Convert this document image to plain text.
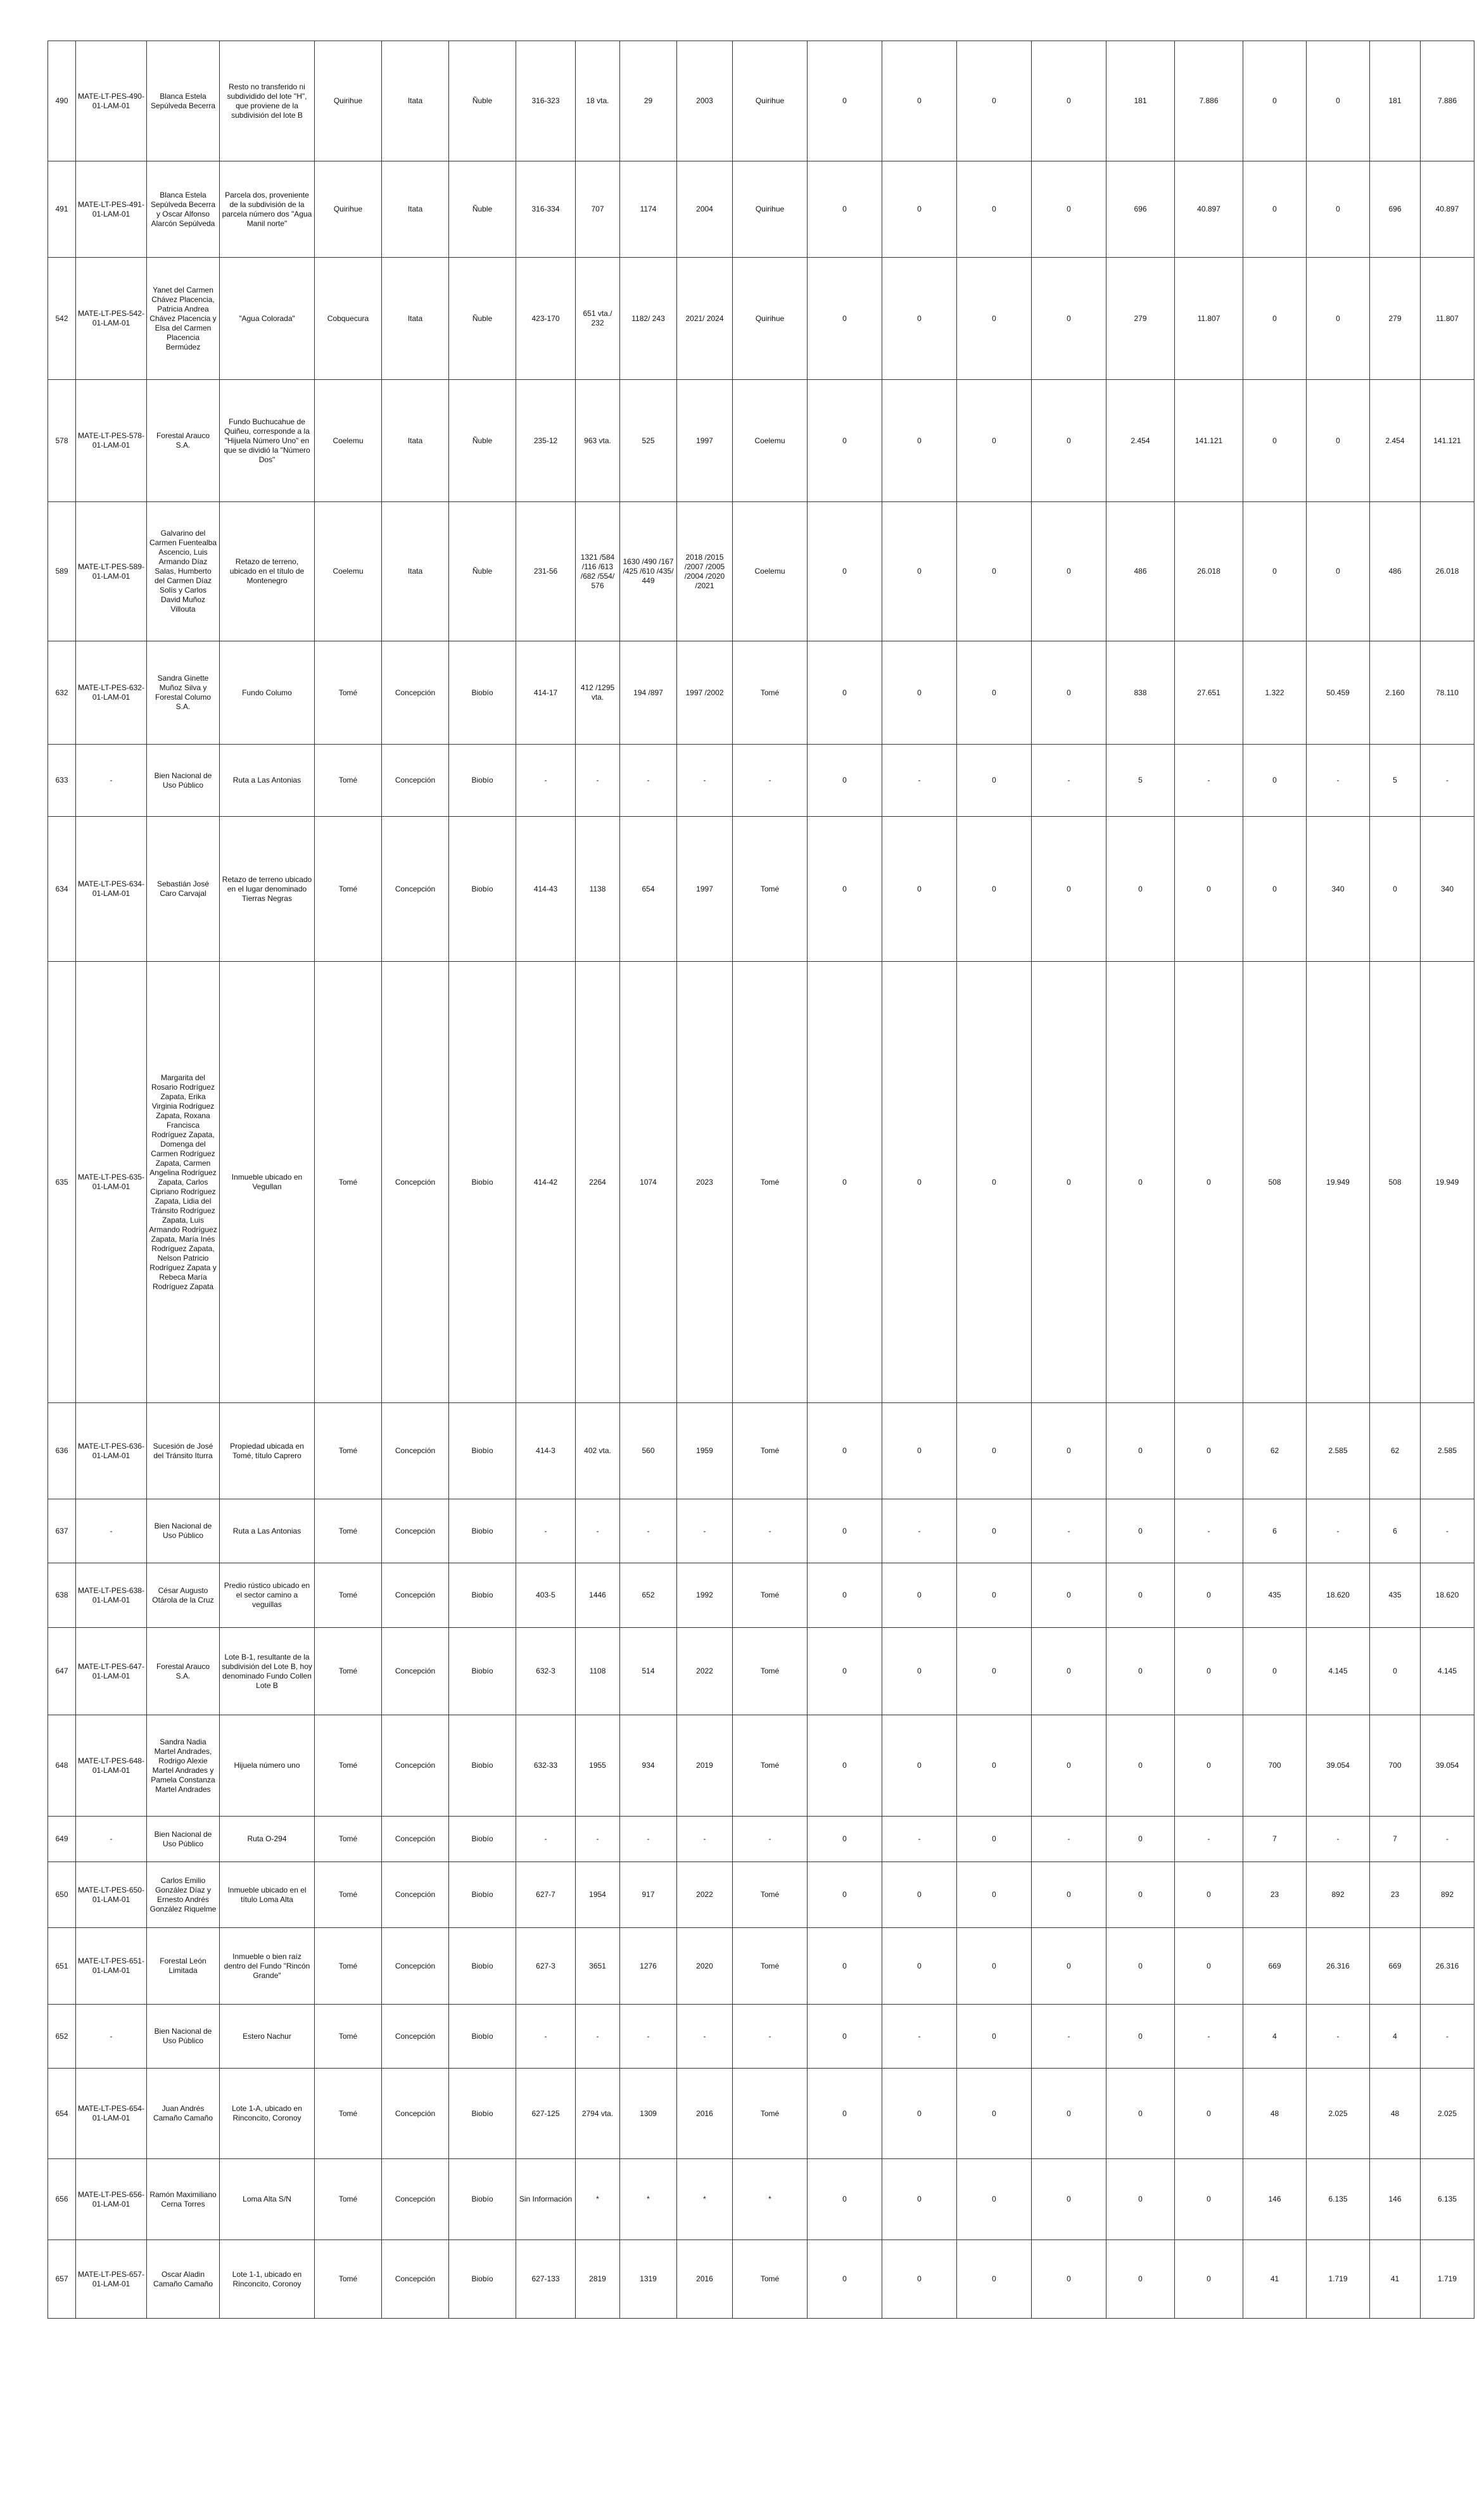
490	MATE-LT-PES-490-01-LAM-01	Blanca Estela Sepúlveda Becerra	Resto no transferido ni subdividido del lote "H", que proviene de la subdivisión del lote B	Quirihue	Itata	Ñuble	316-323	18 vta.	29	2003	Quirihue	0	0	0	0	181	7.886	0	0	181	7.886
491	MATE-LT-PES-491-01-LAM-01	Blanca Estela Sepúlveda Becerra y Oscar Alfonso Alarcón Sepúlveda	Parcela dos, proveniente de la subdivisión de la parcela número dos "Agua Manil norte"	Quirihue	Itata	Ñuble	316-334	707	1174	2004	Quirihue	0	0	0	0	696	40.897	0	0	696	40.897
542	MATE-LT-PES-542-01-LAM-01	Yanet del Carmen Chávez Placencia, Patricia Andrea Chávez Placencia y Elsa del Carmen Placencia Bermúdez	"Agua Colorada"	Cobquecura	Itata	Ñuble	423-170	651 vta./ 232	1182/ 243	2021/ 2024	Quirihue	0	0	0	0	279	11.807	0	0	279	11.807
578	MATE-LT-PES-578-01-LAM-01	Forestal Arauco S.A.	Fundo Buchucahue de Quiñeu, corresponde a la "Hijuela Número Uno" en que se dividió la "Número Dos"	Coelemu	Itata	Ñuble	235-12	963 vta.	525	1997	Coelemu	0	0	0	0	2.454	141.121	0	0	2.454	141.121
589	MATE-LT-PES-589-01-LAM-01	Galvarino del Carmen Fuentealba Ascencio, Luis Armando Díaz Salas, Humberto del Carmen Díaz Solís y Carlos David Muñoz Villouta	Retazo de terreno, ubicado en el título de Montenegro	Coelemu	Itata	Ñuble	231-56	1321 /584 /116 /613 /682 /554/ 576	1630 /490 /167 /425 /610 /435/ 449	2018 /2015 /2007 /2005 /2004 /2020 /2021	Coelemu	0	0	0	0	486	26.018	0	0	486	26.018
632	MATE-LT-PES-632-01-LAM-01	Sandra Ginette Muñoz Silva y Forestal Columo S.A.	Fundo Columo	Tomé	Concepción	Biobío	414-17	412 /1295 vta.	194 /897	1997 /2002	Tomé	0	0	0	0	838	27.651	1.322	50.459	2.160	78.110
633	-	Bien Nacional de Uso Público	Ruta a Las Antonias	Tomé	Concepción	Biobío	-	-	-	-	-	0	-	0	-	5	-	0	-	5	-
634	MATE-LT-PES-634-01-LAM-01	Sebastián José Caro Carvajal	Retazo de terreno ubicado en el lugar denominado Tierras Negras	Tomé	Concepción	Biobío	414-43	1138	654	1997	Tomé	0	0	0	0	0	0	0	340	0	340
635	MATE-LT-PES-635-01-LAM-01	Margarita del Rosario Rodríguez Zapata, Erika Virginia Rodríguez Zapata, Roxana Francisca Rodríguez Zapata, Domenga del Carmen Rodríguez Zapata, Carmen Angelina Rodríguez Zapata, Carlos Cipriano Rodríguez Zapata, Lidia del Tránsito Rodríguez Zapata, Luis Armando Rodríguez Zapata, María Inés Rodríguez Zapata, Nelson Patricio Rodríguez Zapata y Rebeca María Rodríguez Zapata	Inmueble ubicado en Vegullan	Tomé	Concepción	Biobío	414-42	2264	1074	2023	Tomé	0	0	0	0	0	0	508	19.949	508	19.949
636	MATE-LT-PES-636-01-LAM-01	Sucesión de José del Tránsito Iturra	Propiedad ubicada en Tomé, título Caprero	Tomé	Concepción	Biobío	414-3	402 vta.	560	1959	Tomé	0	0	0	0	0	0	62	2.585	62	2.585
637	-	Bien Nacional de Uso Público	Ruta a Las Antonias	Tomé	Concepción	Biobío	-	-	-	-	-	0	-	0	-	0	-	6	-	6	-
638	MATE-LT-PES-638-01-LAM-01	César Augusto Otárola de la Cruz	Predio rústico ubicado en el sector camino a veguillas	Tomé	Concepción	Biobío	403-5	1446	652	1992	Tomé	0	0	0	0	0	0	435	18.620	435	18.620
647	MATE-LT-PES-647-01-LAM-01	Forestal Arauco S.A.	Lote B-1, resultante de la subdivisión del Lote B, hoy denominado Fundo Collen Lote B	Tomé	Concepción	Biobío	632-3	1108	514	2022	Tomé	0	0	0	0	0	0	0	4.145	0	4.145
648	MATE-LT-PES-648-01-LAM-01	Sandra Nadia Martel Andrades, Rodrigo Alexie Martel Andrades y Pamela Constanza Martel Andrades	Hijuela número uno	Tomé	Concepción	Biobío	632-33	1955	934	2019	Tomé	0	0	0	0	0	0	700	39.054	700	39.054
649	-	Bien Nacional de Uso Público	Ruta O-294	Tomé	Concepción	Biobío	-	-	-	-	-	0	-	0	-	0	-	7	-	7	-
650	MATE-LT-PES-650-01-LAM-01	Carlos Emilio González Díaz y Ernesto Andrés González Riquelme	Inmueble ubicado en el título Loma Alta	Tomé	Concepción	Biobío	627-7	1954	917	2022	Tomé	0	0	0	0	0	0	23	892	23	892
651	MATE-LT-PES-651-01-LAM-01	Forestal León Limitada	Inmueble o bien raíz dentro del Fundo "Rincón Grande"	Tomé	Concepción	Biobío	627-3	3651	1276	2020	Tomé	0	0	0	0	0	0	669	26.316	669	26.316
652	-	Bien Nacional de Uso Público	Estero Nachur	Tomé	Concepción	Biobío	-	-	-	-	-	0	-	0	-	0	-	4	-	4	-
654	MATE-LT-PES-654-01-LAM-01	Juan Andrés Camaño Camaño	Lote 1-A, ubicado en Rinconcito, Coronoy	Tomé	Concepción	Biobío	627-125	2794 vta.	1309	2016	Tomé	0	0	0	0	0	0	48	2.025	48	2.025
656	MATE-LT-PES-656-01-LAM-01	Ramón Maximiliano Cerna Torres	Loma Alta S/N	Tomé	Concepción	Biobío	Sin Información	*	*	*	*	0	0	0	0	0	0	146	6.135	146	6.135
657	MATE-LT-PES-657-01-LAM-01	Oscar Aladin Camaño Camaño	Lote 1-1, ubicado en Rinconcito, Coronoy	Tomé	Concepción	Biobío	627-133	2819	1319	2016	Tomé	0	0	0	0	0	0	41	1.719	41	1.719
